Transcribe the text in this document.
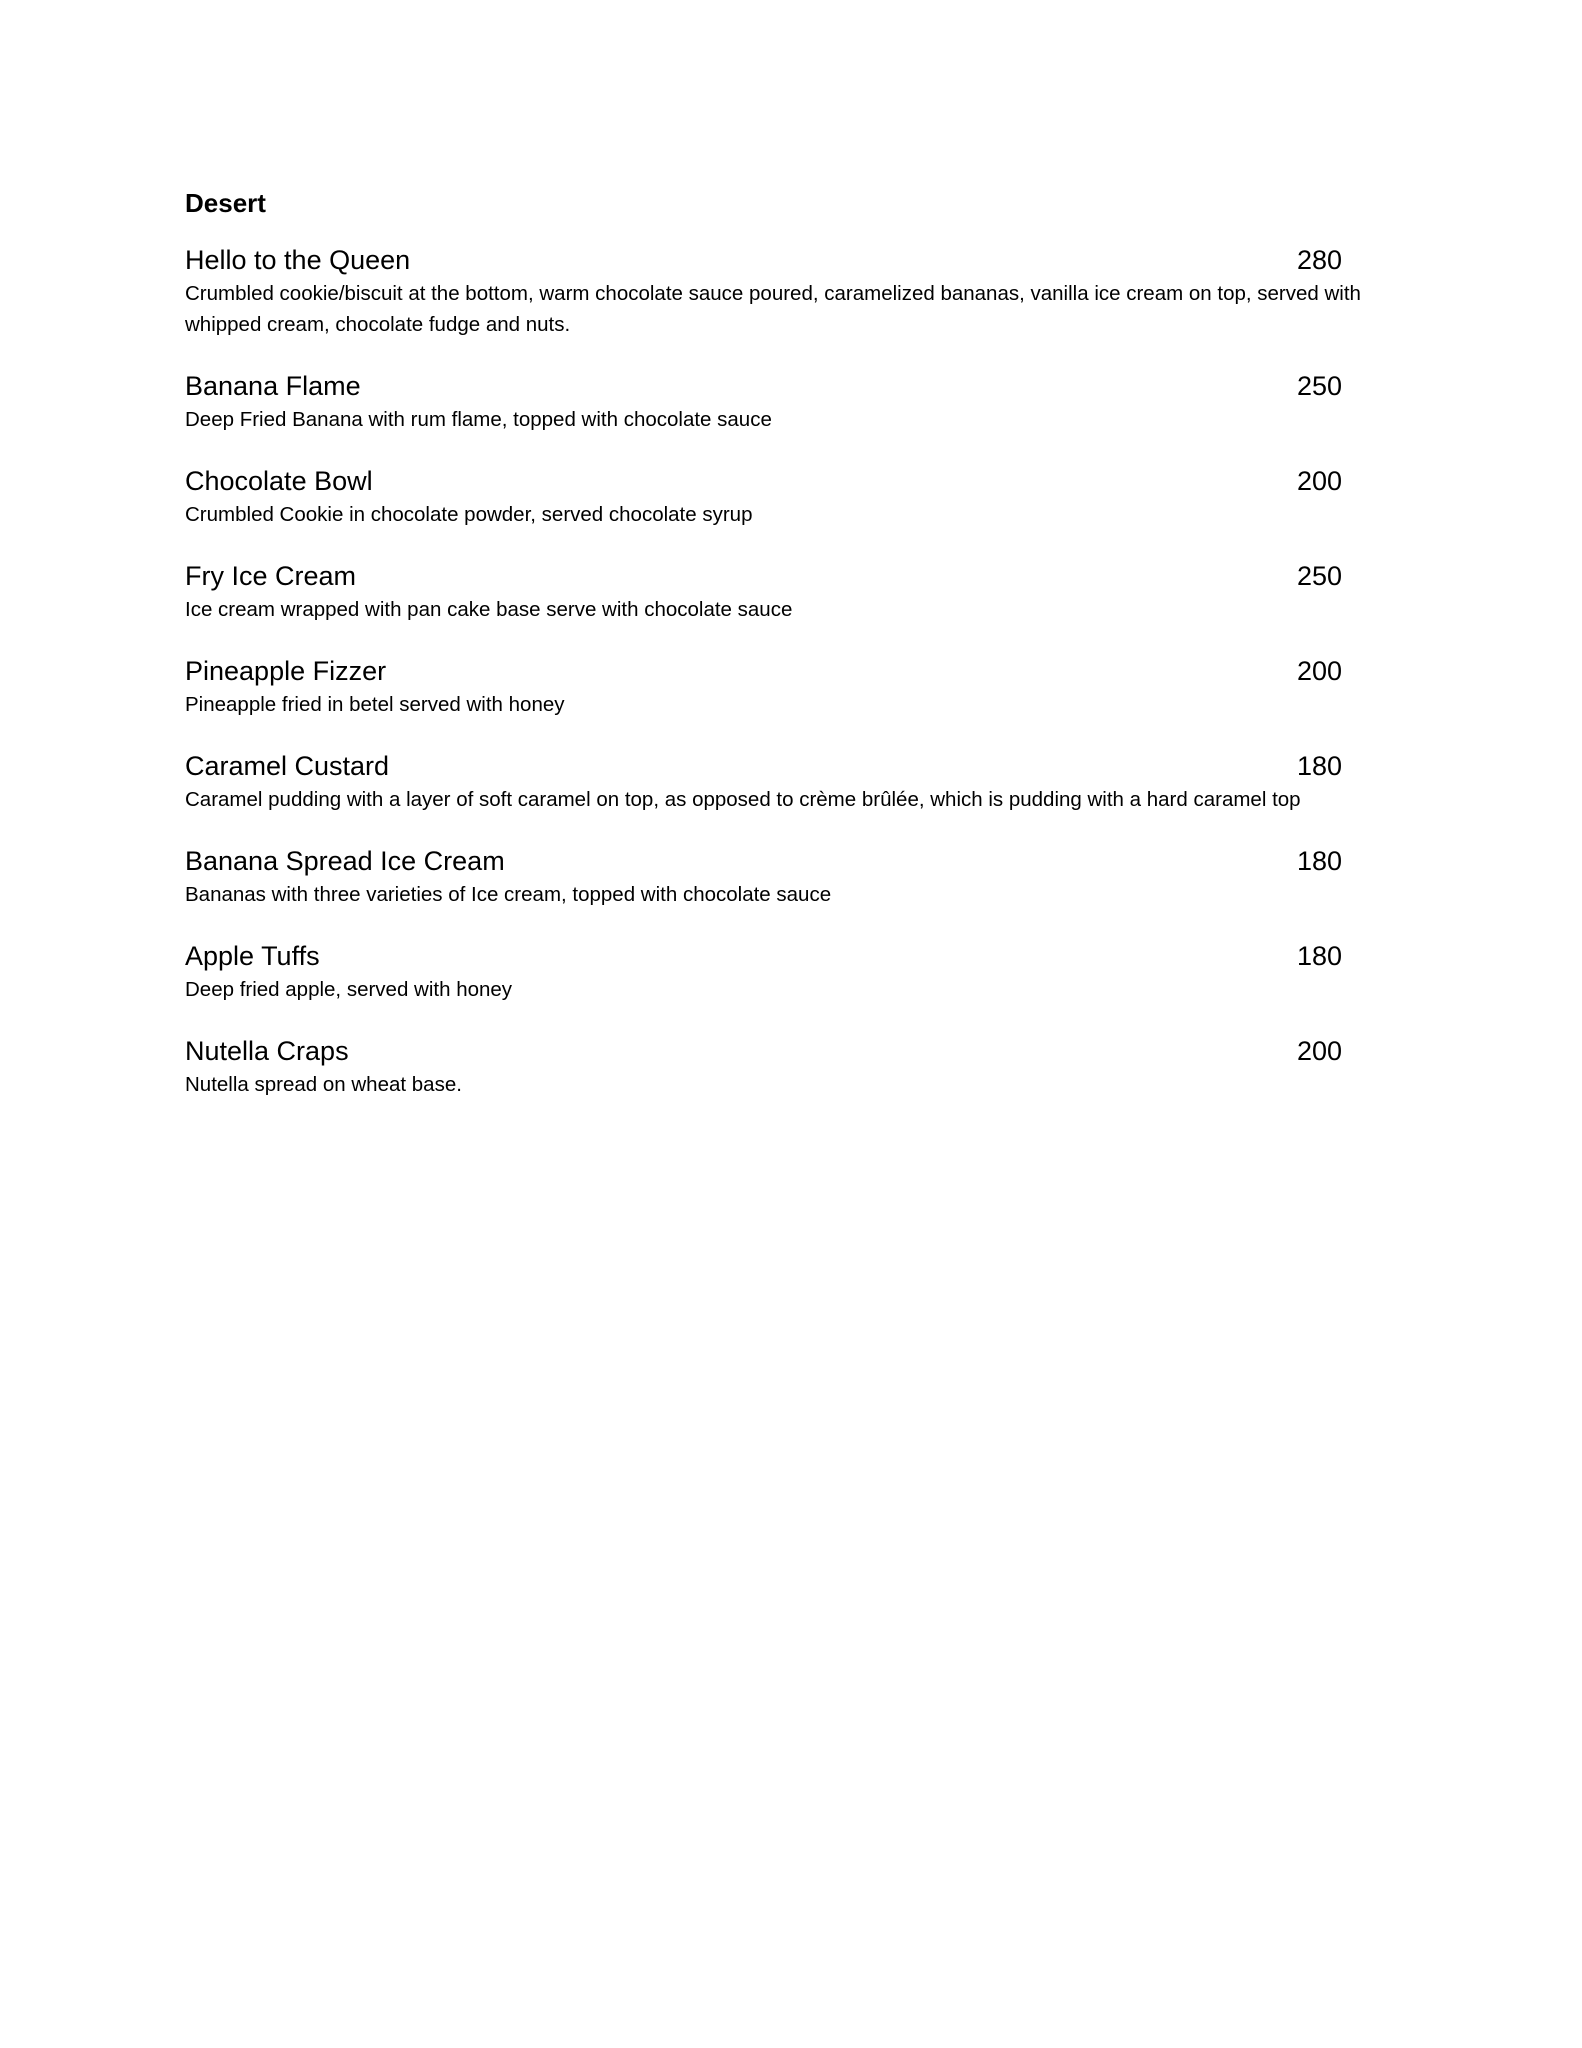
Desert
Hello to the Queen	280
Crumbled cookie/biscuit at the bottom, warm chocolate sauce poured, caramelized bananas, vanilla ice cream on top, served with whipped cream, chocolate fudge and nuts.
Banana Flame	250
Deep Fried Banana with rum flame, topped with chocolate sauce
Chocolate Bowl	200
Crumbled Cookie in chocolate powder, served chocolate syrup
Fry Ice Cream	250
Ice cream wrapped with pan cake base serve with chocolate sauce
Pineapple Fizzer	200
Pineapple fried in betel served with honey
Caramel Custard	180
Caramel pudding with a layer of soft caramel on top, as opposed to crème brûlée, which is pudding with a hard caramel top
Banana Spread Ice Cream	180
Bananas with three varieties of Ice cream, topped with chocolate sauce
Apple Tuffs	180
Deep fried apple, served with honey
Nutella Craps	200
Nutella spread on wheat base.
